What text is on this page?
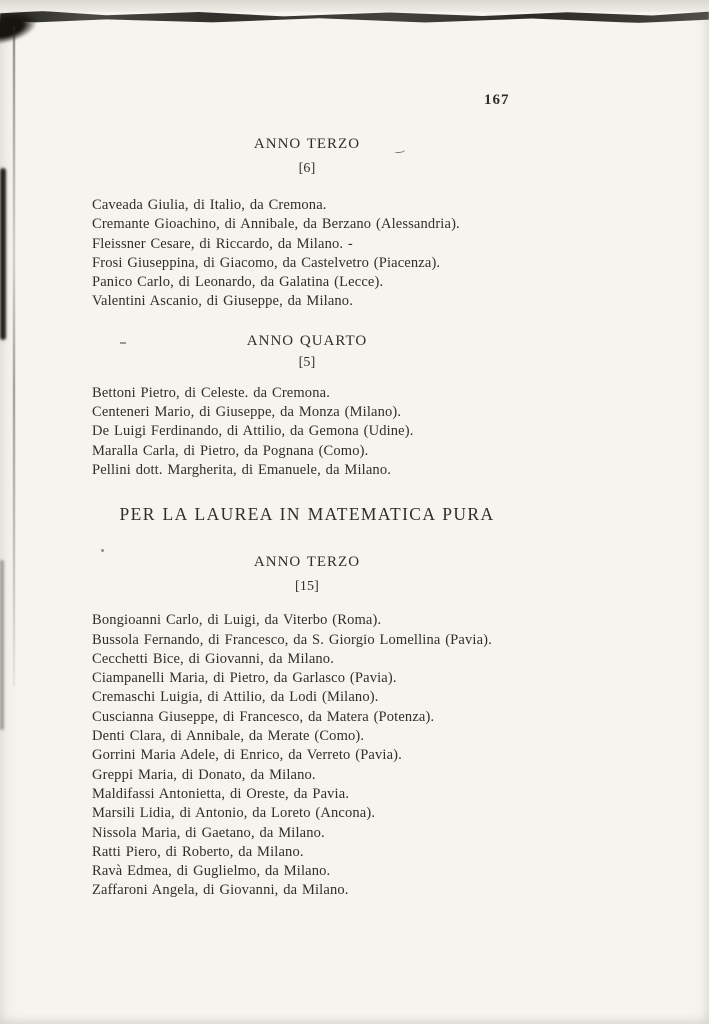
167
ANNO TERZO
[6]
Caveada Giulia, di Italio, da Cremona.
Cremante Gioachino, di Annibale, da Berzano (Alessandria).
Fleissner Cesare, di Riccardo, da Milano. -
Frosi Giuseppina, di Giacomo, da Castelvetro (Piacenza).
Panico Carlo, di Leonardo, da Galatina (Lecce).
Valentini Ascanio, di Giuseppe, da Milano.
ANNO QUARTO
[5]
Bettoni Pietro, di Celeste. da Cremona.
Centeneri Mario, di Giuseppe, da Monza (Milano).
De Luigi Ferdinando, di Attilio, da Gemona (Udine).
Maralla Carla, di Pietro, da Pognana (Como).
Pellini dott. Margherita, di Emanuele, da Milano.
PER LA LAUREA IN MATEMATICA PURA
ANNO TERZO
[15]
Bongioanni Carlo, di Luigi, da Viterbo (Roma).
Bussola Fernando, di Francesco, da S. Giorgio Lomellina (Pavia).
Cecchetti Bice, di Giovanni, da Milano.
Ciampanelli Maria, di Pietro, da Garlasco (Pavia).
Cremaschi Luigia, di Attilio, da Lodi (Milano).
Cuscianna Giuseppe, di Francesco, da Matera (Potenza).
Denti Clara, di Annibale, da Merate (Como).
Gorrini Maria Adele, di Enrico, da Verreto (Pavia).
Greppi Maria, di Donato, da Milano.
Maldifassi Antonietta, di Oreste, da Pavia.
Marsili Lidia, di Antonio, da Loreto (Ancona).
Nissola Maria, di Gaetano, da Milano.
Ratti Piero, di Roberto, da Milano.
Ravà Edmea, di Guglielmo, da Milano.
Zaffaroni Angela, di Giovanni, da Milano.
